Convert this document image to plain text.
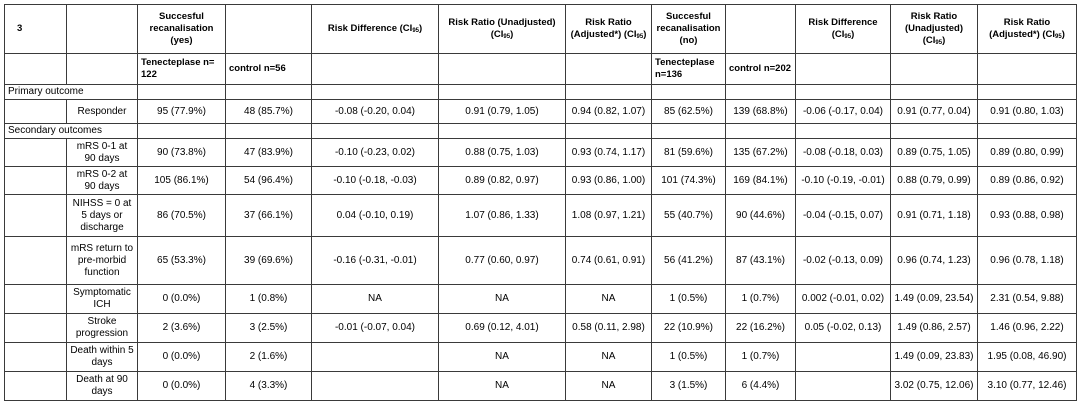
3		Succesful recanalisation (yes)		Risk Difference $(CI_{95})$	Risk Ratio (Unadjusted) $(CI_{95})$	Risk Ratio (Adjusted*) $(CI_{95})$	Succesful recanalisation (no)		Risk Difference $(CI_{95})$	Risk Ratio (Unadjusted) $(CI_{95})$	Risk Ratio (Adjusted*) $(CI_{95})$
		Tenecteplase n= 122	control n=56				Tenecteplase n=136	control n=202			
Primary outcome											
	Responder	95 (77.9%)	48 (85.7%)	-0.08 (-0.20, 0.04)	0.91 (0.79, 1.05)	0.94 (0.82, 1.07)	85 (62.5%)	139 (68.8%)	-0.06 (-0.17, 0.04)	0.91 (0.77, 0.04)	0.91 (0.80, 1.03)
Secondary outcomes											
	mRS 0-1 at 90 days	90 (73.8%)	47 (83.9%)	-0.10 (-0.23, 0.02)	0.88 (0.75, 1.03)	0.93 (0.74, 1.17)	81 (59.6%)	135 (67.2%)	-0.08 (-0.18, 0.03)	0.89 (0.75, 1.05)	0.89 (0.80, 0.99)
	mRS 0-2 at 90 days	105 (86.1%)	54 (96.4%)	-0.10 (-0.18, -0.03)	0.89 (0.82, 0.97)	0.93 (0.86, 1.00)	101 (74.3%)	169 (84.1%)	-0.10 (-0.19, -0.01)	0.88 (0.79, 0.99)	0.89 (0.86, 0.92)
	NIHSS = 0 at 5 days or discharge	86 (70.5%)	37 (66.1%)	0.04 (-0.10, 0.19)	1.07 (0.86, 1.33)	1.08 (0.97, 1.21)	55 (40.7%)	90 (44.6%)	-0.04 (-0.15, 0.07)	0.91 (0.71, 1.18)	0.93 (0.88, 0.98)
	mRS return to pre-morbid function	65 (53.3%)	39 (69.6%)	-0.16 (-0.31, -0.01)	0.77 (0.60, 0.97)	0.74 (0.61, 0.91)	56 (41.2%)	87 (43.1%)	-0.02 (-0.13, 0.09)	0.96 (0.74, 1.23)	0.96 (0.78, 1.18)
	Symptomatic ICH	0 (0.0%)	1 (0.8%)	NA	NA	NA	1 (0.5%)	1 (0.7%)	0.002 (-0.01, 0.02)	1.49 (0.09, 23.54)	2.31 (0.54, 9.88)
	Stroke progression	2 (3.6%)	3 (2.5%)	-0.01 (-0.07, 0.04)	0.69 (0.12, 4.01)	0.58 (0.11, 2.98)	22 (10.9%)	22 (16.2%)	0.05 (-0.02, 0.13)	1.49 (0.86, 2.57)	1.46 (0.96, 2.22)
	Death within 5 days	0 (0.0%)	2 (1.6%)		NA	NA	1 (0.5%)	1 (0.7%)		1.49 (0.09, 23.83)	1.95 (0.08, 46.90)
	Death at 90 days	0 (0.0%)	4 (3.3%)		NA	NA	3 (1.5%)	6 (4.4%)		3.02 (0.75, 12.06)	3.10 (0.77, 12.46)
